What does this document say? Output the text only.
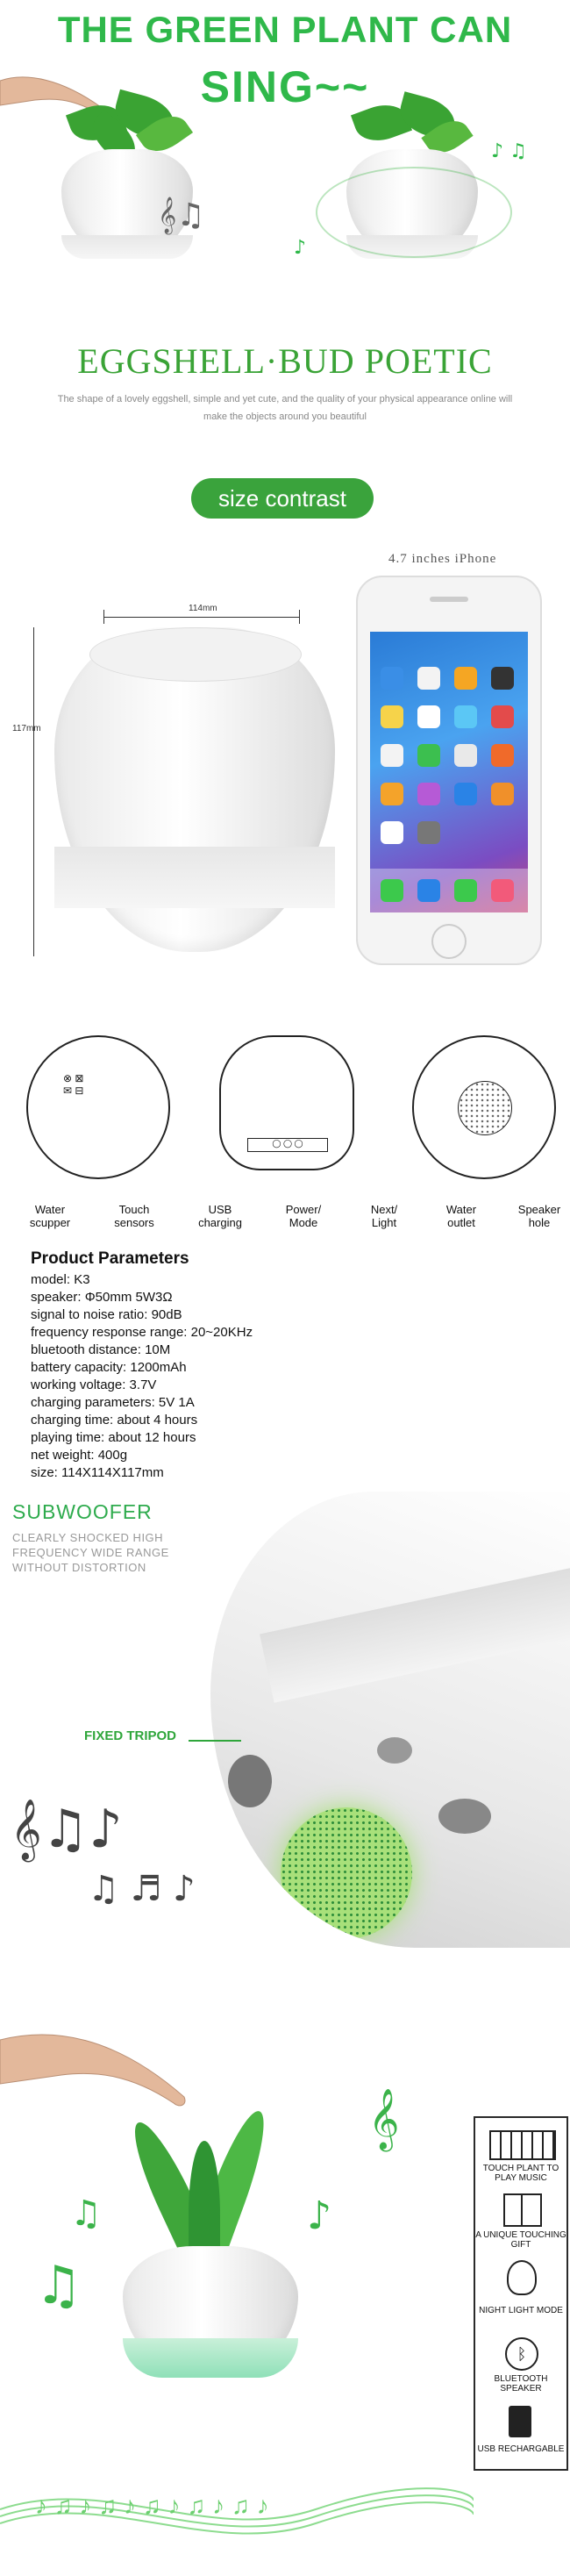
THE GREEN PLANT CAN
SING~~
𝄞♫
♪ ♫
♪
EGGSHELL·BUD POETIC
The shape of a lovely eggshell, simple and yet cute, and the quality of your physical appearance online will make the objects around you beautiful
size contrast
4.7 inches iPhone
114mm
117mm
⊗ ⊠
✉ ⊟
◯ ◯ ◯
Water scupper
Touch sensors
USB charging
Power/ Mode
Next/ Light
Water outlet
Speaker hole
Product Parameters
model: K3
speaker: Φ50mm 5W3Ω
signal to noise ratio: 90dB
frequency response range: 20~20KHz
bluetooth distance: 10M
battery capacity: 1200mAh
working voltage: 3.7V
charging parameters: 5V 1A
charging time: about 4 hours
playing time: about 12 hours
net weight: 400g
size: 114X114X117mm
SUBWOOFER
CLEARLY SHOCKED HIGH FREQUENCY WIDE RANGE WITHOUT DISTORTION
FIXED TRIPOD
𝄞♫♪
♫ ♬ ♪
♫
♫
♪
𝄞
♪ ♫ ♪ ♫ ♪ ♫ ♪ ♫ ♪ ♫ ♪
TOUCH PLANT TO PLAY MUSIC
A UNIQUE TOUCHING GIFT
NIGHT LIGHT MODE
ᛒ
BLUETOOTH SPEAKER
USB RECHARGABLE
